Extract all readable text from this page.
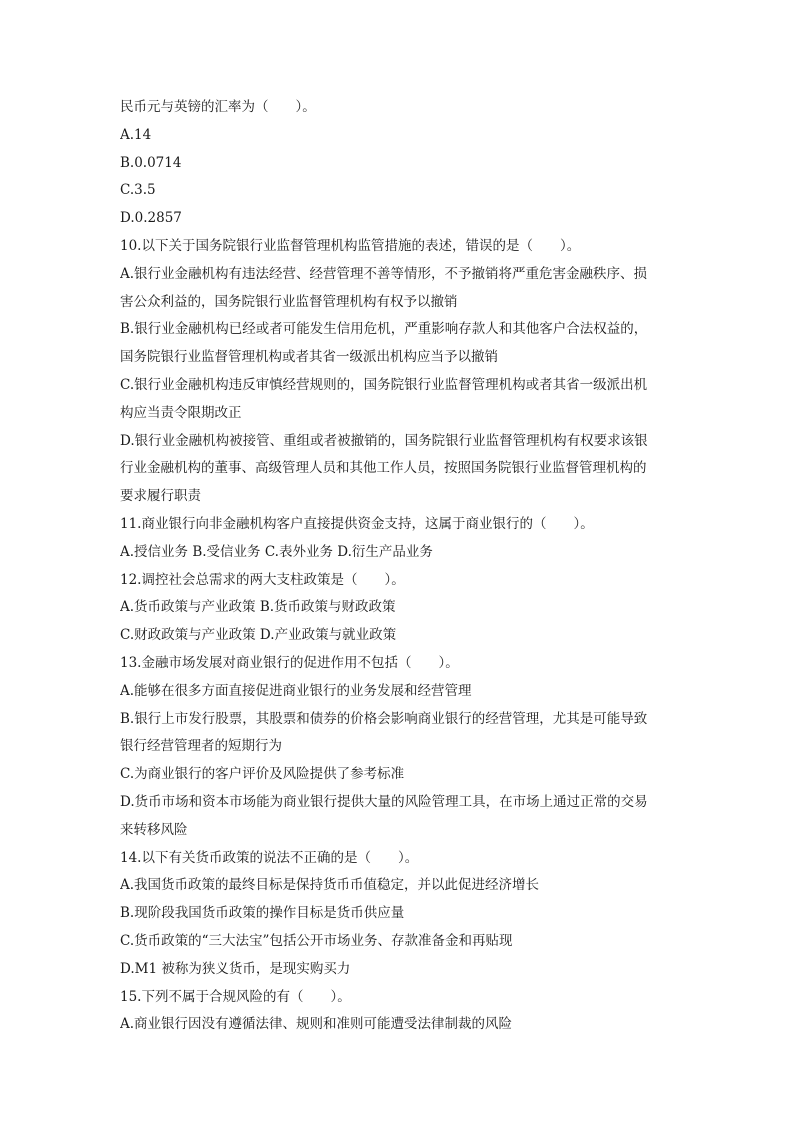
民币元与英镑的汇率为（　　）。
A.14
B.0.0714
C.3.5
D.0.2857
10.以下关于国务院银行业监督管理机构监管措施的表述，错误的是（　　）。
A.银行业金融机构有违法经营、经营管理不善等情形，不予撤销将严重危害金融秩序、损
害公众利益的，国务院银行业监督管理机构有权予以撤销
B.银行业金融机构已经或者可能发生信用危机，严重影响存款人和其他客户合法权益的，
国务院银行业监督管理机构或者其省一级派出机构应当予以撤销
C.银行业金融机构违反审慎经营规则的，国务院银行业监督管理机构或者其省一级派出机
构应当责令限期改正
D.银行业金融机构被接管、重组或者被撤销的，国务院银行业监督管理机构有权要求该银
行业金融机构的董事、高级管理人员和其他工作人员，按照国务院银行业监督管理机构的
要求履行职责
11.商业银行向非金融机构客户直接提供资金支持，这属于商业银行的（　　）。
A.授信业务 B.受信业务 C.表外业务 D.衍生产品业务
12.调控社会总需求的两大支柱政策是（　　）。
A.货币政策与产业政策 B.货币政策与财政政策
C.财政政策与产业政策 D.产业政策与就业政策
13.金融市场发展对商业银行的促进作用不包括（　　）。
A.能够在很多方面直接促进商业银行的业务发展和经营管理
B.银行上市发行股票，其股票和债券的价格会影响商业银行的经营管理，尤其是可能导致
银行经营管理者的短期行为
C.为商业银行的客户评价及风险提供了参考标准
D.货币市场和资本市场能为商业银行提供大量的风险管理工具，在市场上通过正常的交易
来转移风险
14.以下有关货币政策的说法不正确的是（　　）。
A.我国货币政策的最终目标是保持货币币值稳定，并以此促进经济增长
B.现阶段我国货币政策的操作目标是货币供应量
C.货币政策的“三大法宝”包括公开市场业务、存款准备金和再贴现
D.M1 被称为狭义货币，是现实购买力
15.下列不属于合规风险的有（　　）。
A.商业银行因没有遵循法律、规则和准则可能遭受法律制裁的风险
